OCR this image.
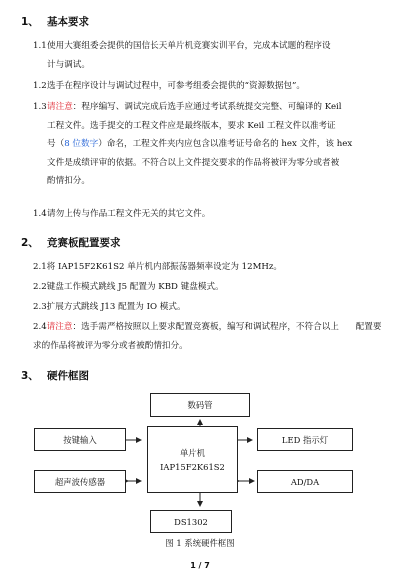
1、 基本要求
1.1使用大赛组委会提供的国信长天单片机竞赛实训平台，完成本试题的程序设
计与调试。
1.2选手在程序设计与调试过程中，可参考组委会提供的“资源数据包”。
1.3请注意：程序编写、调试完成后选手应通过考试系统提交完整、可编译的 Keil
工程文件。选手提交的工程文件应是最终版本，要求 Keil 工程文件以准考证
号（8 位数字）命名，工程文件夹内应包含以准考证号命名的 hex 文件，该 hex
文件是成绩评审的依据。不符合以上文件提交要求的作品将被评为零分或者被
酌情扣分。
1.4请勿上传与作品工程文件无关的其它文件。
2、 竞赛板配置要求
2.1将 IAP15F2K61S2 单片机内部振荡器频率设定为 12MHz。
2.2键盘工作模式跳线 J5 配置为 KBD 键盘模式。
2.3扩展方式跳线 J13 配置为 IO 模式。
2.4请注意：选手需严格按照以上要求配置竞赛板，编写和调试程序，不符合以上 配置要求的作品将被评为零分或者被酌情扣分。
3、 硬件框图
数码管
按键输入
单片机
IAP15F2K61S2
LED 指示灯
超声波传感器	AD/DA
DS1302
图 1 系统硬件框图
1 / 7
